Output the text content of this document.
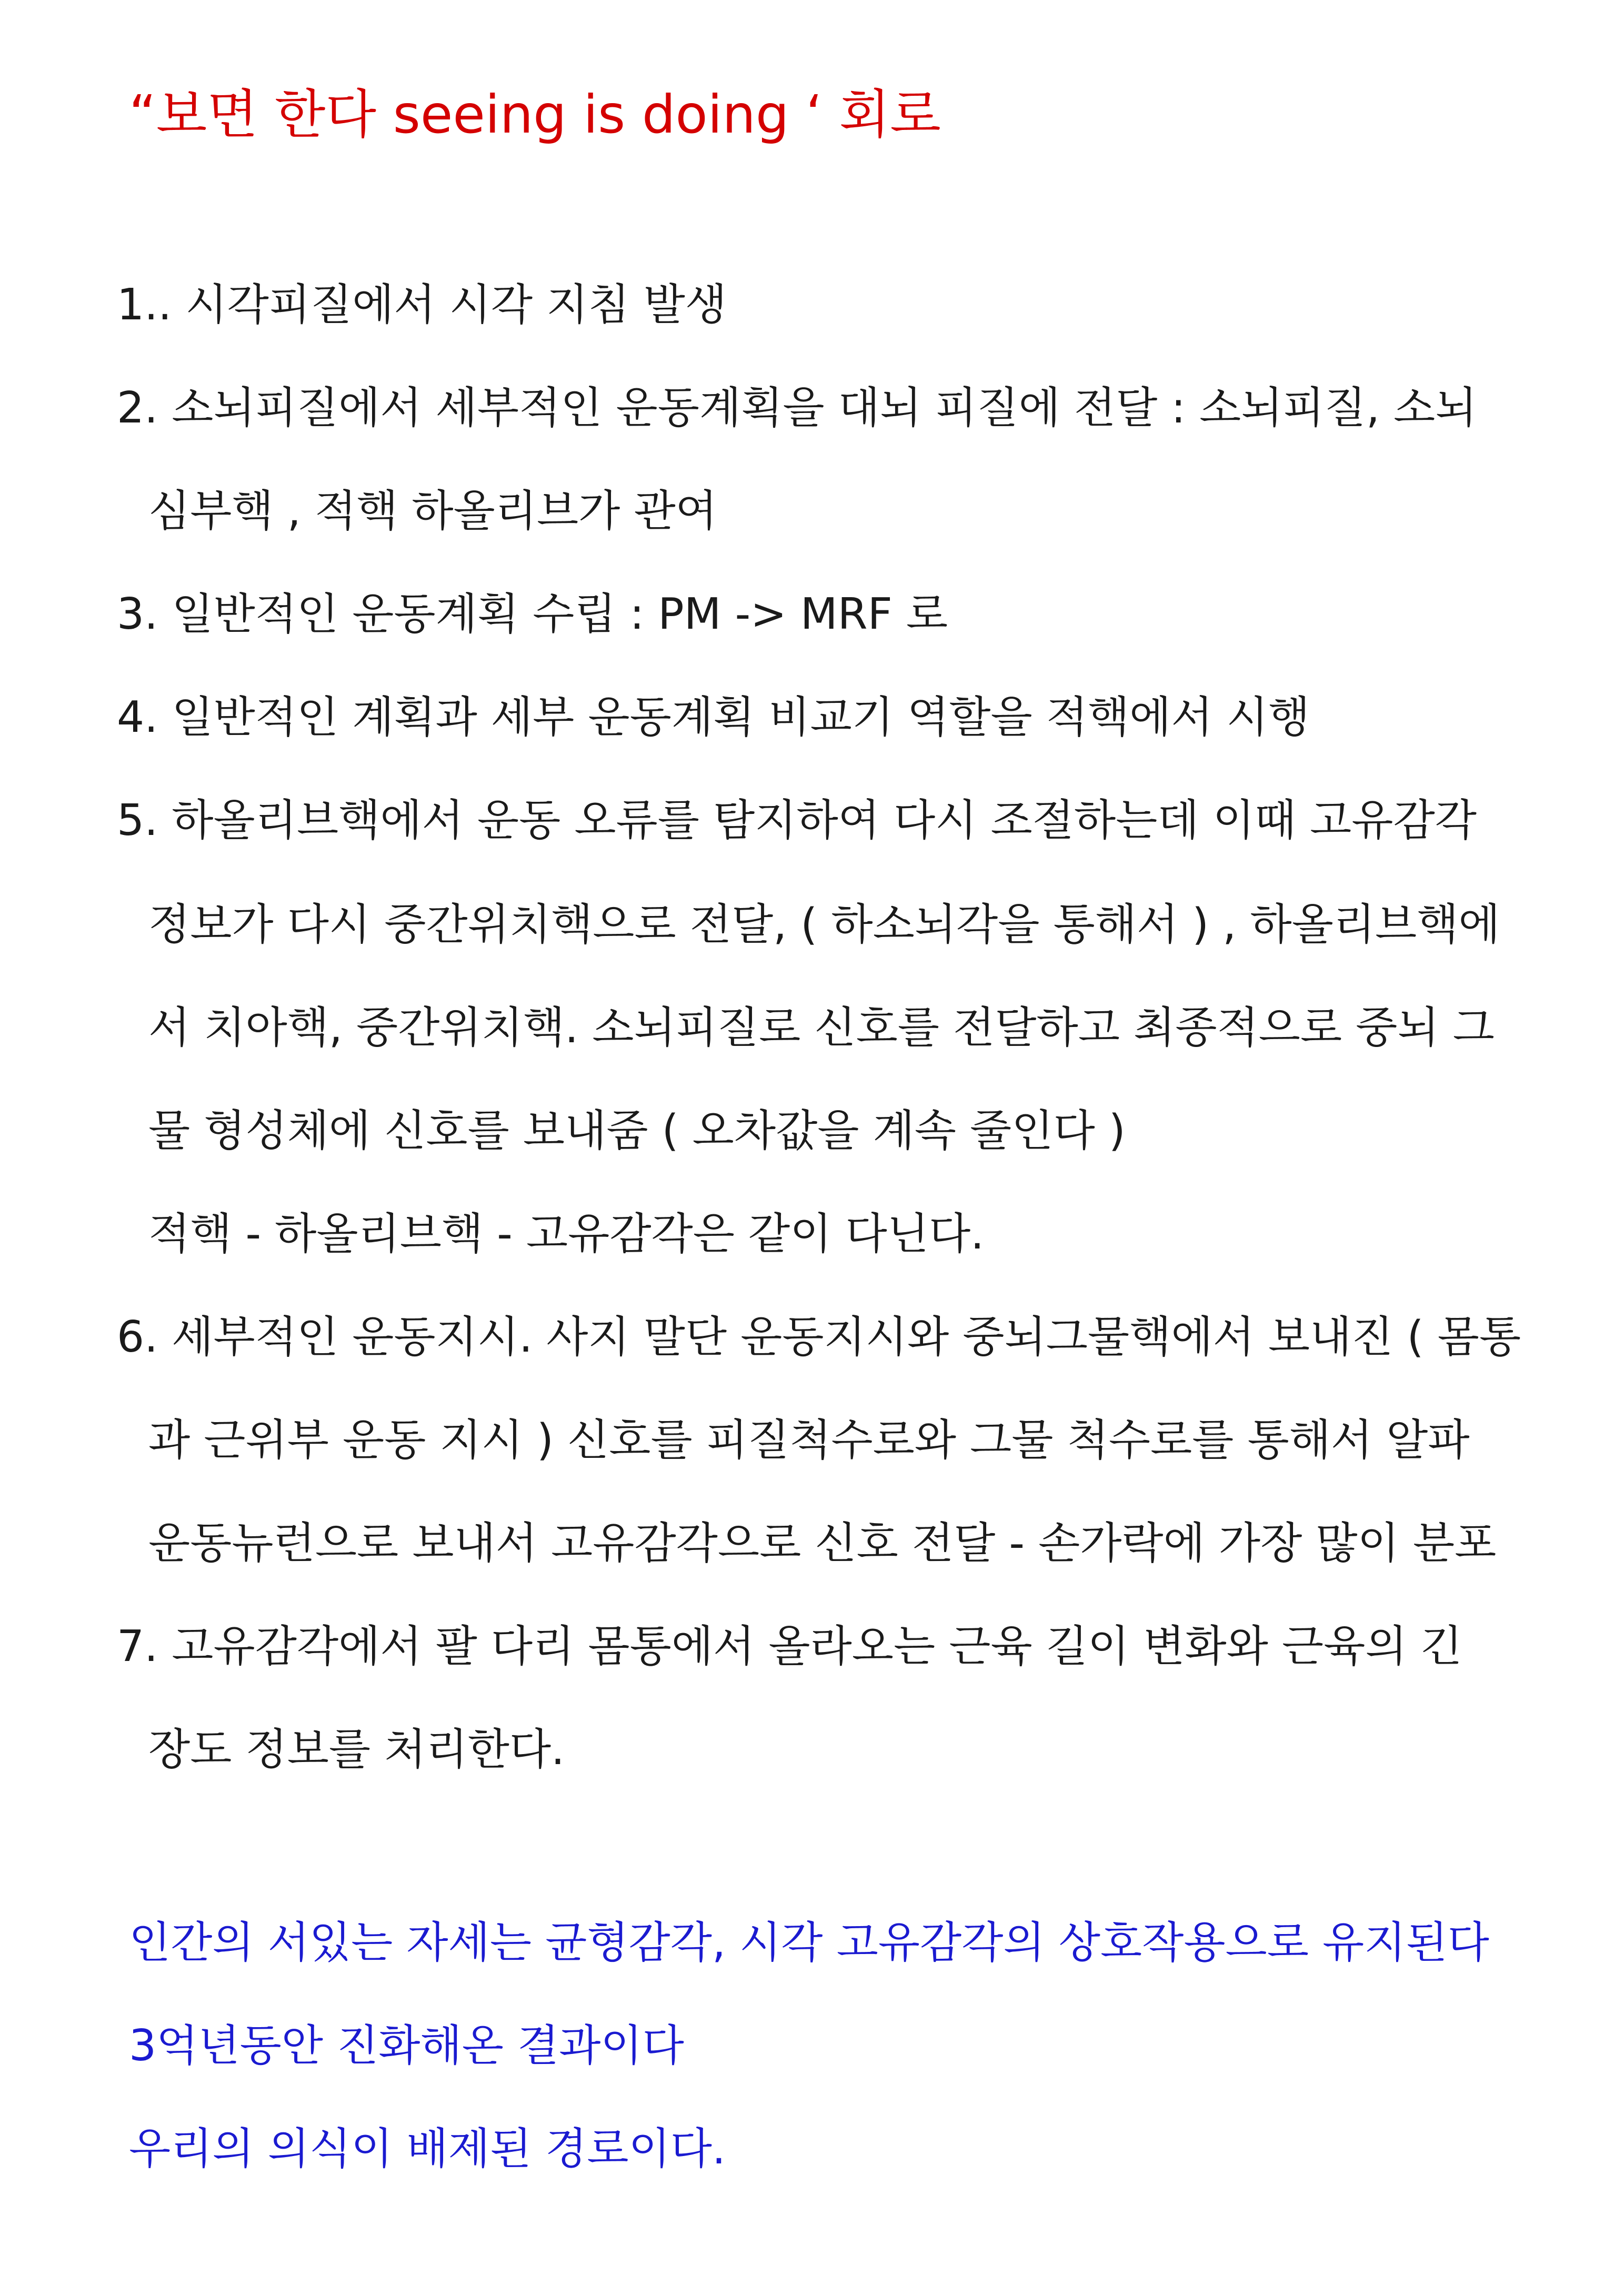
“보면 한다 seeing is doing ‘ 회로
1.. 시각피질에서 시각 지침 발생
2. 소뇌피질에서 세부적인 운동계획을 대뇌 피질에 전달 : 소뇌피질, 소뇌
심부핵 , 적핵 하올리브가 관여
3. 일반적인 운동계획 수립 : PM -> MRF 로
4. 일반적인 계획과 세부 운동계획 비교기 역할을 적핵에서 시행
5. 하올리브핵에서 운동 오류를 탐지하여 다시 조절하는데 이때 고유감각
정보가 다시 중간위치핵으로 전달, ( 하소뇌각을 통해서 ) , 하올리브핵에
서 치아핵, 중간위치핵. 소뇌피질로 신호를 전달하고 최종적으로 중뇌 그
물 형성체에 신호를 보내줌 ( 오차값을 계속 줄인다 )
적핵 - 하올리브핵 - 고유감각은 같이 다닌다.
6. 세부적인 운동지시. 사지 말단 운동지시와 중뇌그물핵에서 보내진 ( 몸통
과 근위부 운동 지시 ) 신호를 피질척수로와 그물 척수로를 통해서 알파
운동뉴런으로 보내서 고유감각으로 신호 전달 - 손가락에 가장 많이 분포
7. 고유감각에서 팔 다리 몸통에서 올라오는 근육 길이 변화와 근육의 긴
장도 정보를 처리한다.
인간의 서있는 자세는 균형감각, 시각 고유감각의 상호작용으로 유지된다
3억년동안 진화해온 결과이다
우리의 의식이 배제된 경로이다.
